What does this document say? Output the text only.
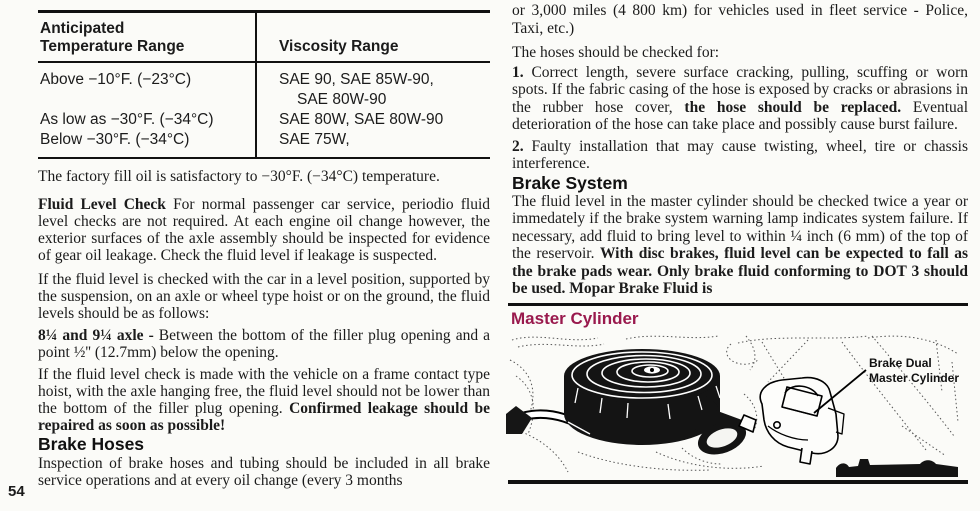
Anticipated
Temperature Range	Viscosity Range
Above −10°F. (−23°C)
As low as −30°F. (−34°C)
Below −30°F. (−34°C)
SAE 90, SAE 85W-90,
SAE 80W-90
SAE 80W, SAE 80W-90
SAE 75W,

The factory fill oil is satisfactory to −30°F. (−34°C) temperature.

Fluid Level Check For normal passenger car service, periodio fluid level checks are not required. At each engine oil change however, the exterior surfaces of the axle assembly should be inspected for evidence of gear oil leakage. Check the fluid level if leakage is suspected.

If the fluid level is checked with the car in a level position, supported by the suspension, on an axle or wheel type hoist or on the ground, the fluid levels should be as follows:

8¼ and 9¼ axle - Between the bottom of the filler plug opening and a point ½'' (12.7mm) below the opening.

If the fluid level check is made with the vehicle on a frame contact type hoist, with the axle hanging free, the fluid level should not be lower than the bottom of the filler plug opening. Confirmed leakage should be repaired as soon as possible!

Brake Hoses

Inspection of brake hoses and tubing should be included in all brake service operations and at every oil change (every 3 months

54

or 3,000 miles (4 800 km) for vehicles used in fleet service - Police, Taxi, etc.)

The hoses should be checked for:

1. Correct length, severe surface cracking, pulling, scuffing or worn spots. If the fabric casing of the hose is exposed by cracks or abrasions in the rubber hose cover, the hose should be replaced. Eventual deterioration of the hose can take place and possibly cause burst failure.

2. Faulty installation that may cause twisting, wheel, tire or chassis interference.

Brake System

The fluid level in the master cylinder should be checked twice a year or immedately if the brake system warning lamp indicates system failure. If necessary, add fluid to bring level to within ¼ inch (6 mm) of the top of the reservoir. With disc brakes, fluid level can be expected to fall as the brake pads wear. Only brake fluid conforming to DOT 3 should be used. Mopar Brake Fluid is

Master Cylinder
Brake Dual
Master Cylinder
